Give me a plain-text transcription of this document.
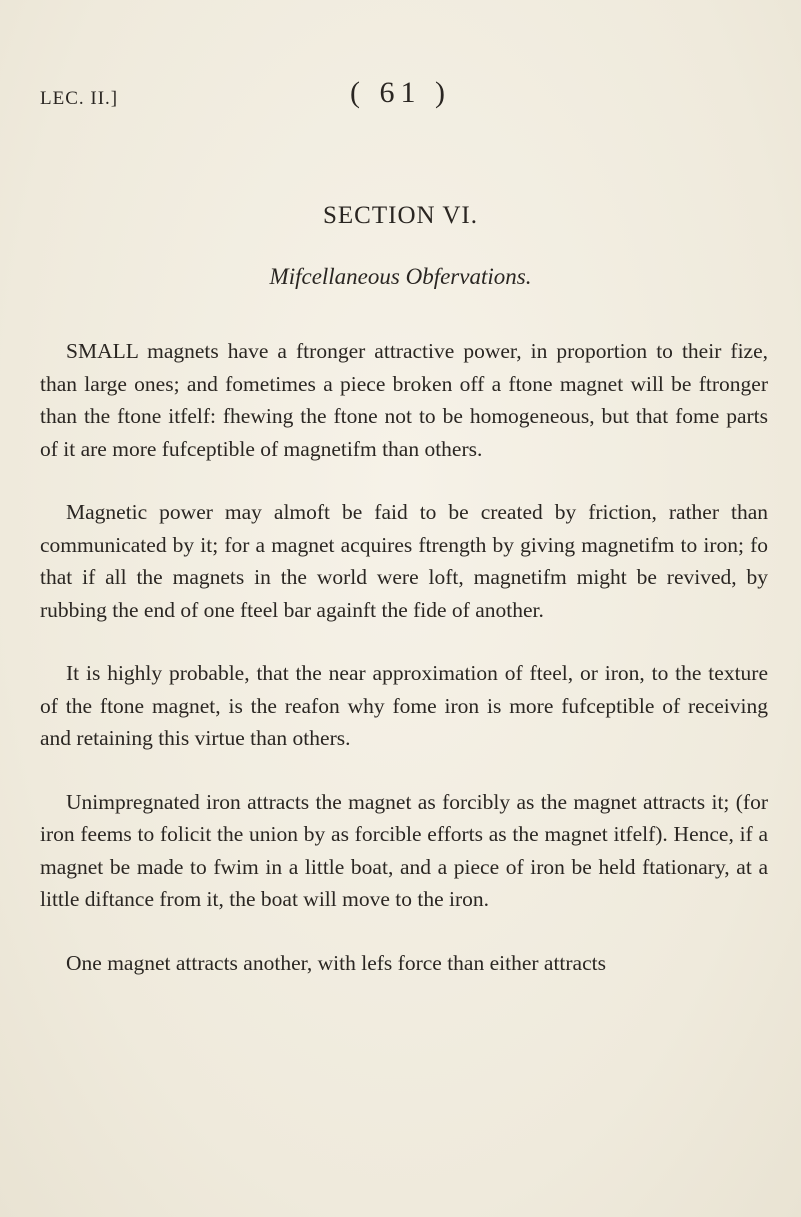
LEC. II.]	( 61 )
SECTION VI.
Mifcellaneous Obfervations.

SMALL magnets have a ftronger attractive power, in proportion to their fize, than large ones; and fometimes a piece broken off a ftone magnet will be ftronger than the ftone itfelf: fhewing the ftone not to be homogeneous, but that fome parts of it are more fufceptible of magnetifm than others.

Magnetic power may almoft be faid to be created by friction, rather than communicated by it; for a magnet acquires ftrength by giving magnetifm to iron; fo that if all the magnets in the world were loft, magnetifm might be revived, by rubbing the end of one fteel bar againft the fide of another.

It is highly probable, that the near approximation of fteel, or iron, to the texture of the ftone magnet, is the reafon why fome iron is more fufceptible of receiving and retaining this virtue than others.

Unimpregnated iron attracts the magnet as forcibly as the magnet attracts it; (for iron feems to folicit the union by as forcible efforts as the magnet itfelf). Hence, if a magnet be made to fwim in a little boat, and a piece of iron be held ftationary, at a little diftance from it, the boat will move to the iron.

One magnet attracts another, with lefs force than either attracts
